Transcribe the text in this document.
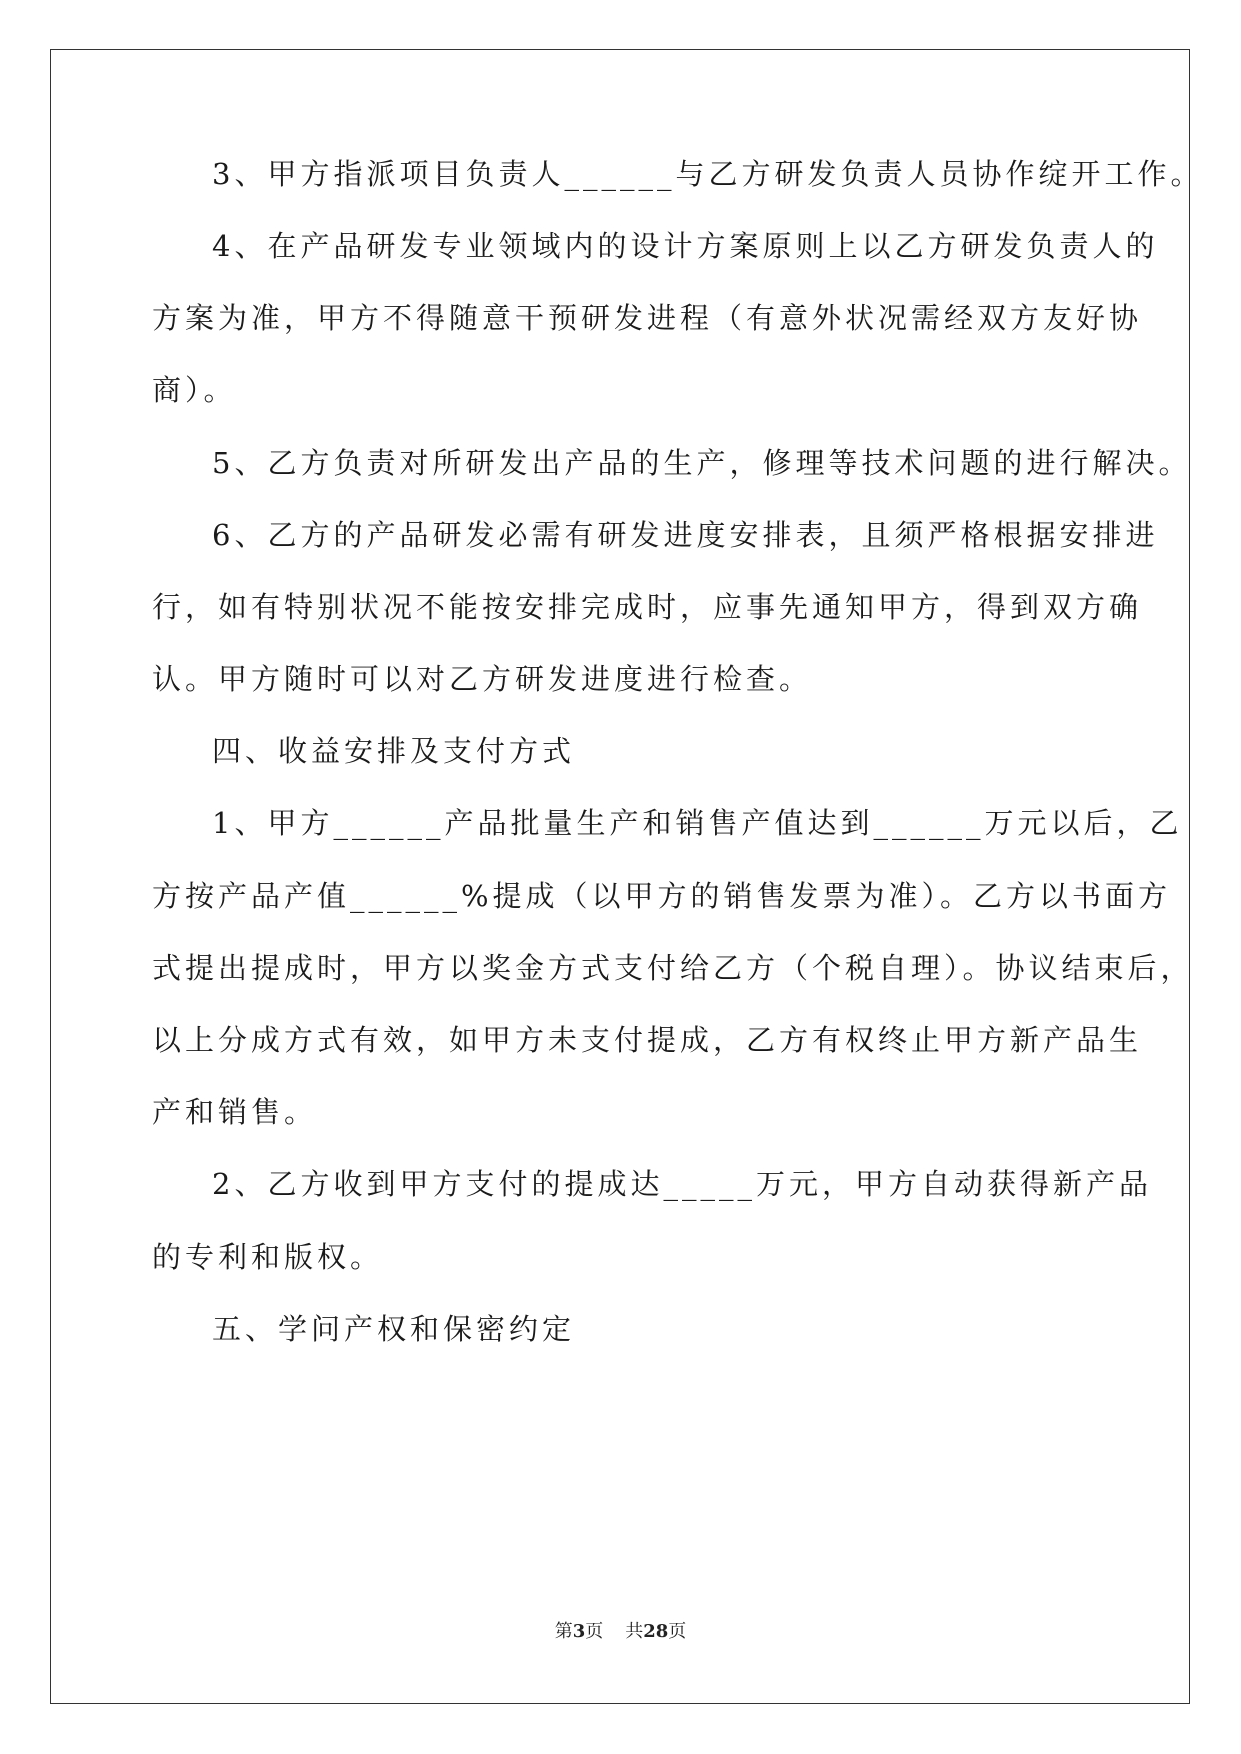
3、甲方指派项目负责人______与乙方研发负责人员协作绽开工作。
4、在产品研发专业领域内的设计方案原则上以乙方研发负责人的
方案为准，甲方不得随意干预研发进程（有意外状况需经双方友好协
商）。
5、乙方负责对所研发出产品的生产，修理等技术问题的进行解决。
6、乙方的产品研发必需有研发进度安排表，且须严格根据安排进
行，如有特别状况不能按安排完成时，应事先通知甲方，得到双方确
认。甲方随时可以对乙方研发进度进行检查。
四、收益安排及支付方式
1、甲方______产品批量生产和销售产值达到______万元以后，乙
方按产品产值______%提成（以甲方的销售发票为准）。乙方以书面方
式提出提成时，甲方以奖金方式支付给乙方（个税自理）。协议结束后，
以上分成方式有效，如甲方未支付提成，乙方有权终止甲方新产品生
产和销售。
2、乙方收到甲方支付的提成达_____万元，甲方自动获得新产品
的专利和版权。
五、学问产权和保密约定
第3页 共28页
